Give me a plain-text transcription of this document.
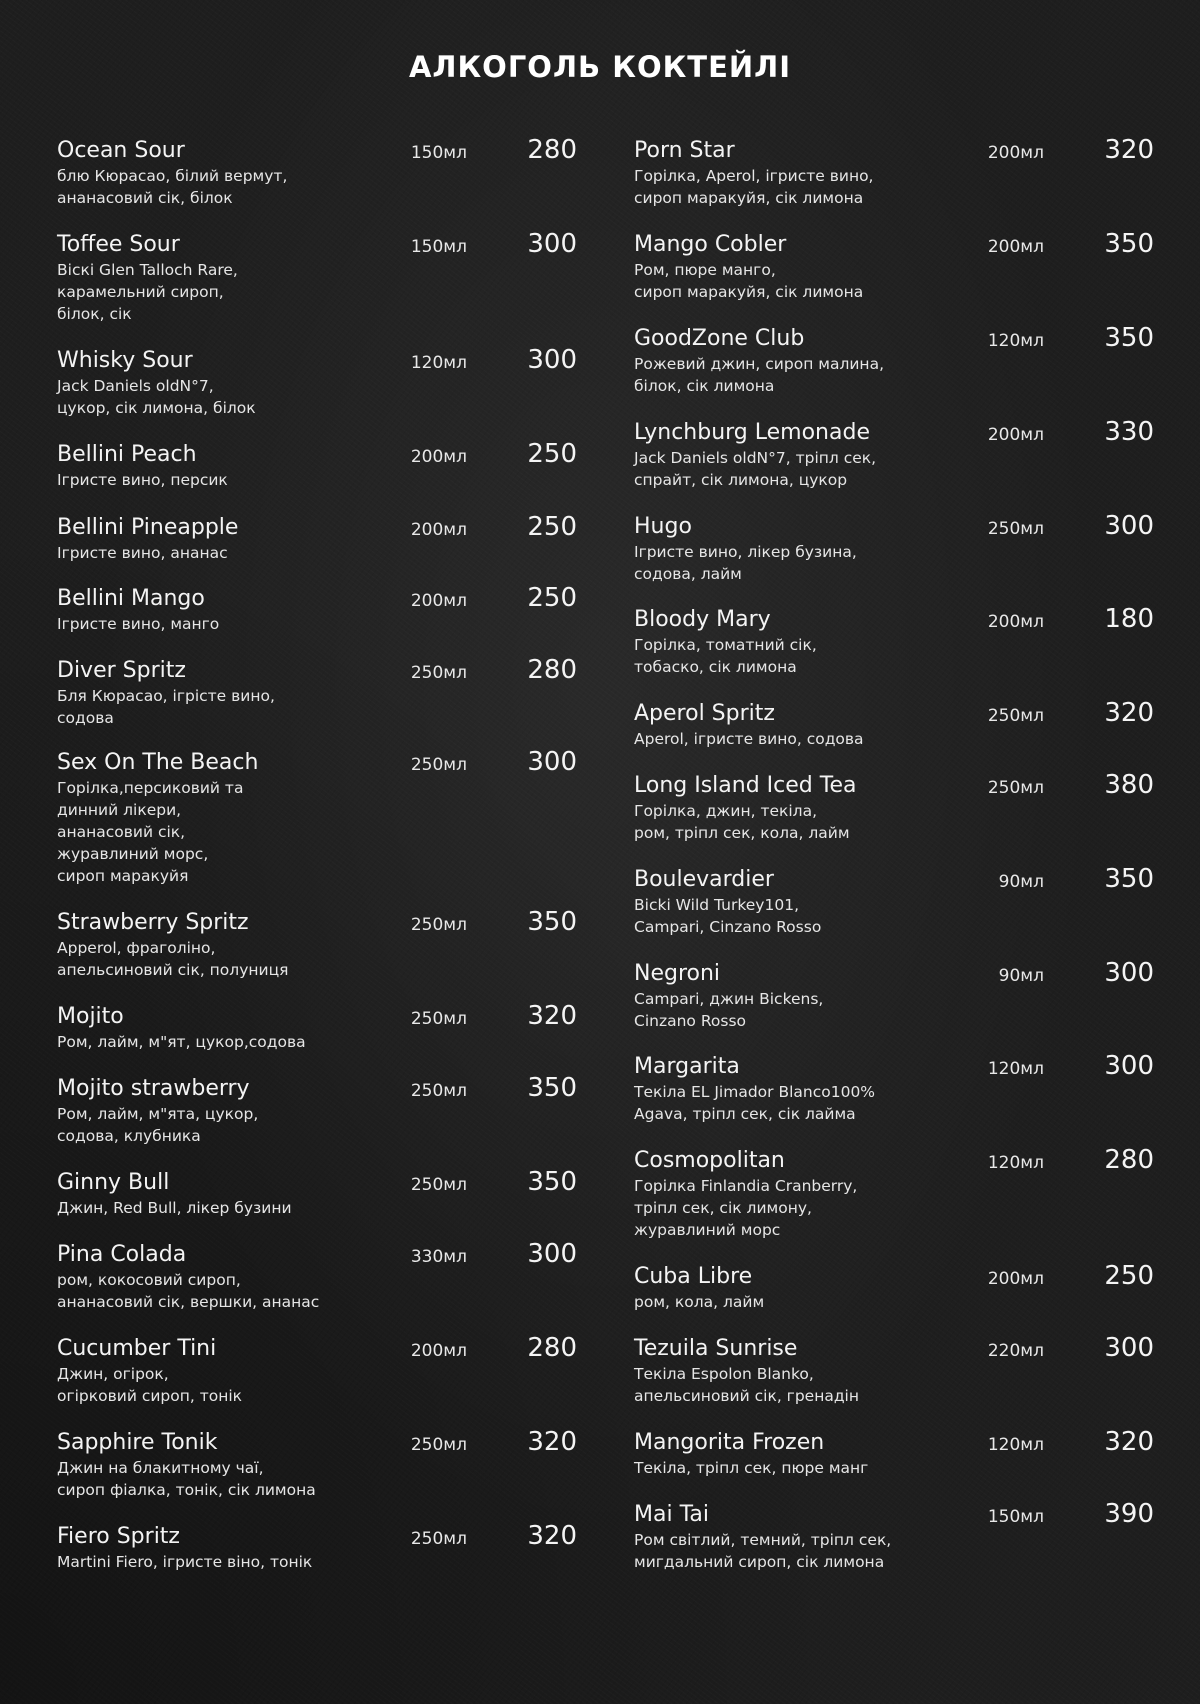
АЛКОГОЛЬ КОКТЕЙЛІ
Ocean Sour
блю Кюрасао, білий вермут,
ананасовий сік, білок
150мл 280
Toffee Sour
Віскі Glen Talloch Rare,
карамельний сироп,
білок, сік
150мл 300
Whisky Sour
Jack Daniels oldN°7,
цукор, сік лимона, білок
120мл 300
Bellini Peach
Ігристе вино, персик
200мл 250
Bellini Pineapple
Ігристе вино, ананас
200мл 250
Bellini Mango
Ігристе вино, манго
200мл 250
Diver Spritz
Бля Кюрасао, ігрісте вино,
содова
250мл 280
Sex On The Beach
Горілка,персиковий та
динний лікери,
ананасовий сік,
журавлиний морс,
сироп маракуйя
250мл 300
Strawberry Spritz
Apperol, фраголіно,
апельсиновий сік, полуниця
250мл 350
Mojito
Ром, лайм, м"ят, цукор,содова
250мл 320
Mojito strawberry
Ром, лайм, м"ята, цукор,
содова, клубника
250мл 350
Ginny Bull
Джин, Red Bull, лікер бузини
250мл 350
Pina Colada
ром, кокосовий сироп,
ананасовий сік, вершки, ананас
330мл 300
Cucumber Tini
Джин, огірок,
огірковий сироп, тонік
200мл 280
Sapphire Tonik
Джин на блакитному чаї,
сироп фіалка, тонік, сік лимона
250мл 320
Fiero Spritz
Martini Fiero, ігристе віно, тонік
250мл 320
Porn Star
Горілка, Aperol, ігристе вино,
сироп маракуйя, сік лимона
200мл 320
Mango Cobler
Ром, пюре манго,
сироп маракуйя, сік лимона
200мл 350
GoodZone Club
Рожевий джин, сироп малина,
білок, сік лимона
120мл 350
Lynchburg Lemonade
Jack Daniels oldN°7, тріпл сек,
спрайт, сік лимона, цукор
200мл 330
Hugo
Ігристе вино, лікер бузина,
содова, лайм
250мл 300
Bloody Mary
Горілка, томатний сік,
тобаско, сік лимона
200мл 180
Aperol Spritz
Aperol, ігристе вино, содова
250мл 320
Long Island Iced Tea
Горілка, джин, текіла,
ром, тріпл сек, кола, лайм
250мл 380
Boulevardier
Bicki Wild Turkey101,
Campari, Cinzano Rosso
90мл 350
Negroni
Campari, джин Bickens,
Cinzano Rosso
90мл 300
Margarita
Текіла EL Jimador Blanco100%
Agava, тріпл сек, сік лайма
120мл 300
Cosmopolitan
Горілка Finlandia Cranberry,
тріпл сек, сік лимону,
журавлиний морс
120мл 280
Cuba Libre
ром, кола, лайм
200мл 250
Tezuila Sunrise
Текіла Espolon Blanko,
апельсиновий сік, гренадін
220мл 300
Mangorita Frozen
Текіла, тріпл сек, пюре манг
120мл 320
Mai Tai
Ром світлий, темний, тріпл сек,
мигдальний сироп, сік лимона
150мл 390
